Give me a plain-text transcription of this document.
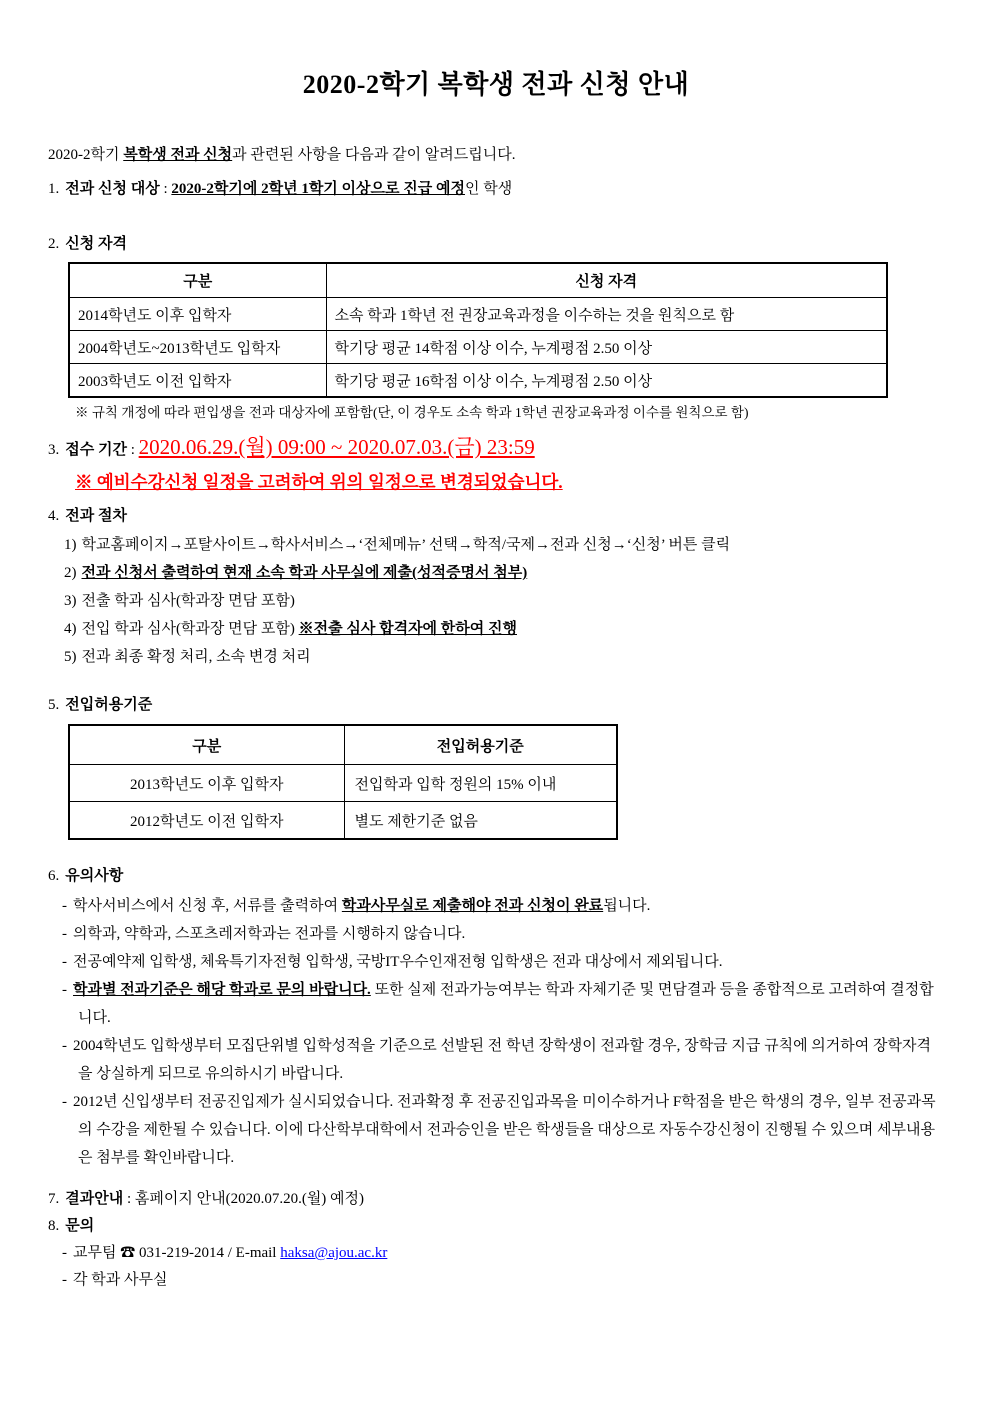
2020-2학기 복학생 전과 신청 안내
2020-2학기 복학생 전과 신청과 관련된 사항을 다음과 같이 알려드립니다.
1. 전과 신청 대상 : 2020-2학기에 2학년 1학기 이상으로 진급 예정인 학생
2. 신청 자격
구분	신청 자격
2014학년도 이후 입학자	소속 학과 1학년 전 권장교육과정을 이수하는 것을 원칙으로 함
2004학년도~2013학년도 입학자	학기당 평균 14학점 이상 이수, 누계평점 2.50 이상
2003학년도 이전 입학자	학기당 평균 16학점 이상 이수, 누계평점 2.50 이상
※ 규칙 개정에 따라 편입생을 전과 대상자에 포함함(단, 이 경우도 소속 학과 1학년 권장교육과정 이수를 원칙으로 함)
3. 접수 기간 : 2020.06.29.(월) 09:00 ~ 2020.07.03.(금) 23:59
※ 예비수강신청 일정을 고려하여 위의 일정으로 변경되었습니다.
4. 전과 절차
1) 학교홈페이지→포탈사이트→학사서비스→‘전체메뉴’ 선택→학적/국제→전과 신청→‘신청’ 버튼 클릭
2) 전과 신청서 출력하여 현재 소속 학과 사무실에 제출(성적증명서 첨부)
3) 전출 학과 심사(학과장 면담 포함)
4) 전입 학과 심사(학과장 면담 포함) ※전출 심사 합격자에 한하여 진행
5) 전과 최종 확정 처리, 소속 변경 처리
5. 전입허용기준
구분	전입허용기준
2013학년도 이후 입학자	전입학과 입학 정원의 15% 이내
2012학년도 이전 입학자	별도 제한기준 없음
6. 유의사항
- 학사서비스에서 신청 후, 서류를 출력하여 학과사무실로 제출해야 전과 신청이 완료됩니다.
- 의학과, 약학과, 스포츠레저학과는 전과를 시행하지 않습니다.
- 전공예약제 입학생, 체육특기자전형 입학생, 국방IT우수인재전형 입학생은 전과 대상에서 제외됩니다.
- 학과별 전과기준은 해당 학과로 문의 바랍니다. 또한 실제 전과가능여부는 학과 자체기준 및 면담결과 등을 종합적으로 고려하여 결정합니다.
- 2004학년도 입학생부터 모집단위별 입학성적을 기준으로 선발된 전 학년 장학생이 전과할 경우, 장학금 지급 규칙에 의거하여 장학자격을 상실하게 되므로 유의하시기 바랍니다.
- 2012년 신입생부터 전공진입제가 실시되었습니다. 전과확정 후 전공진입과목을 미이수하거나 F학점을 받은 학생의 경우, 일부 전공과목의 수강을 제한될 수 있습니다. 이에 다산학부대학에서 전과승인을 받은 학생들을 대상으로 자동수강신청이 진행될 수 있으며 세부내용은 첨부를 확인바랍니다.
7. 결과안내 : 홈페이지 안내(2020.07.20.(월) 예정)
8. 문의
- 교무팀 ☎ 031-219-2014 / E-mail haksa@ajou.ac.kr
- 각 학과 사무실
